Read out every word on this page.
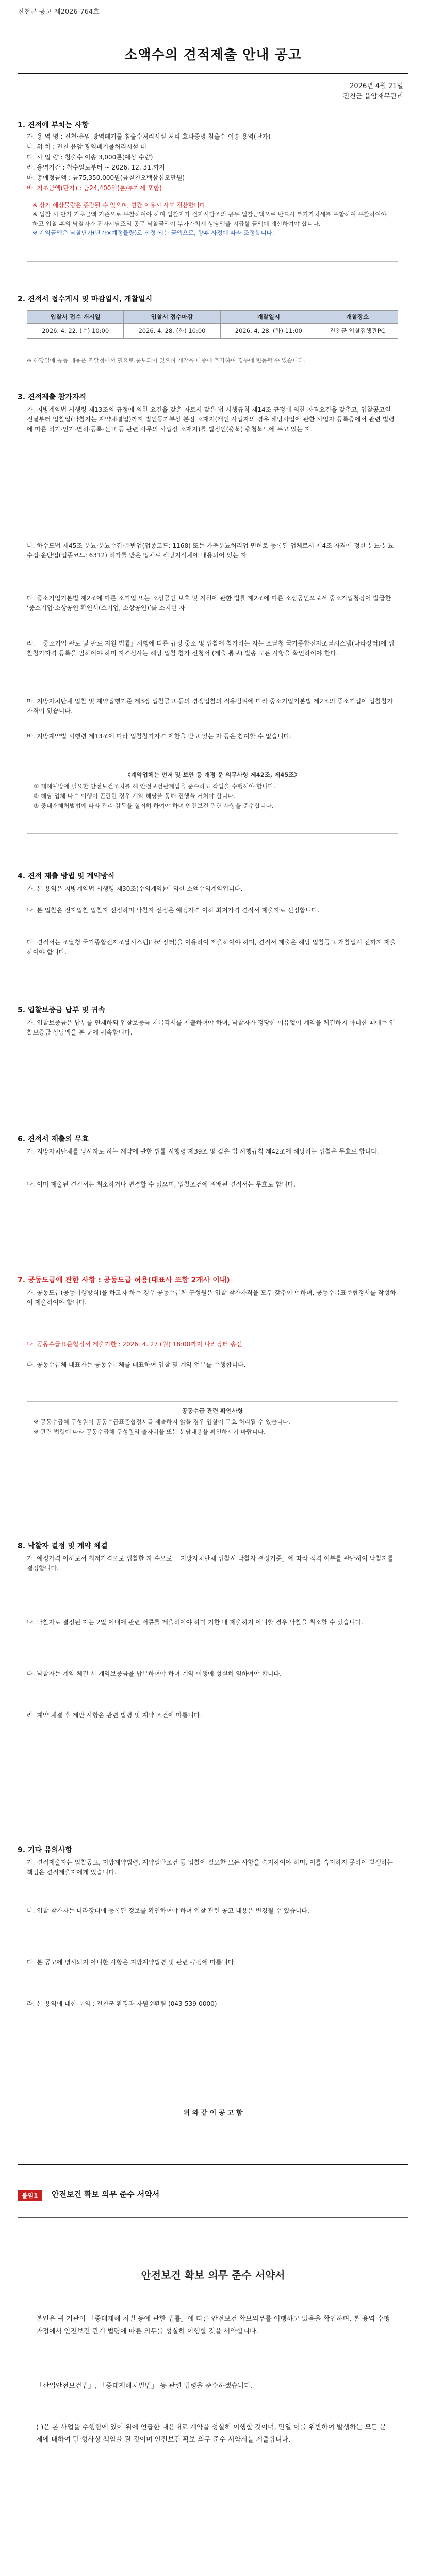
진천군 공고 제2026-764호
소액수의 견적제출 안내 공고
2026년 4월 21일
진천군 읍암재무관리
1. 견적에 부치는 사항
가. 용 역 명 : 진천·읍암 광역폐기물 침출수처리시설 처리 효과증명 침출수 이송 용역(단가)
나. 위 치 : 진천 읍암 광역폐기물처리시설 내
다. 사 업 량 : 침출수 이송 3,000톤(예상 수량)
라. 용역기간 : 착수일로부터 ~ 2026. 12. 31.까지
마. 총예정금액 : 금75,350,000원(금칠천오백삼십오만원)
바. 기초금액(단가) : 금24,400원(톤/부가세 포함)
※ 상기 예상물량은 증감될 수 있으며, 연간 이용시 사후 정산합니다.
※ 입찰 시 단가 기초금액 기준으로 투찰하여야 하며 입찰자가 전자시담조의 공무 입찰금액으로 반드시 부가가치세를 포함하여 투찰하여야 하고 입찰 후의 낙찰자가 전자시담조의 공무 낙찰금액이 부가가치세 상당액을 지급할 금액에 계산하여야 합니다.
※ 계약금액은 낙찰단가(단가×예정물량)로 산정 되는 금액으로, 향후 사정에 따라 조정합니다.
2. 견적서 접수게시 및 마감일시, 개찰일시
입찰서 접수 개시일	입찰서 접수마감	개찰일시	개찰장소
2026. 4. 22. (수) 10:00	2026. 4. 28. (화) 10:00	2026. 4. 28. (화) 11:00	진천군 입찰집행관PC
※ 해당일에 공동 내용은 조달청에서 필요로 통보되어 있으며 개찰을 나중에 추가하여 경우에 변동될 수 있습니다.
3. 견적제출 참가자격
가. 지방계약법 시행령 제13조의 규정에 의한 요건을 갖춘 자로서 같은 법 시행규칙 제14조 규정에 의한 자격요건을 갖추고, 입찰공고일 전날부터 입찰일(낙찰자는 계약체결일)까지 법인등기부상 본점 소재지(개인 사업자의 경우 해당사업에 관한 사업자 등록증에서 관련 법령에 따른 허가·인가·면허·등록·신고 등 관련 사무의 사업장 소재지)를 법정인(충북) 충청북도에 두고 있는 자.
나. 하수도법 제45조 분뇨·분뇨수집·운반업(업종코드: 1168) 또는 가축분뇨처리업 면허로 등록된 업체로서 제4조 자격에 정한 분뇨·분뇨수집·운반업(업종코드: 6312) 허가를 받은 업체로 해당지식체에 내용되어 있는 자
다. 중소기업기본법 제2조에 따른 소기업 또는 소상공인 보호 및 지원에 관한 법률 제2조에 따른 소상공인으로서 중소기업청장이 발급한 ‘중소기업·소상공인 확인서(소기업, 소상공인)’를 소지한 자
라. 「중소기업 판로 및 판로 지원 법률」시행에 따른 규정 중소 및 입찰에 참가하는 자는 조달청 국가종합전자조달시스템(나라장터)에 입찰참가자격 등록을 필하여야 하며 자격심사는 해당 입찰 참가 신청서 (제출 통보) 발송 모든 사항을 확인하여야 한다.
마. 지방자치단체 입찰 및 계약집행기준 제3장 입찰공고 등의 경쟁입찰의 적용범위에 따라 중소기업기본법 제2조의 중소기업이 입찰참가자격이 있습니다.
바. 지방계약법 시행령 제13조에 따라 입찰참가자격 제한을 받고 있는 자 등은 참여할 수 없습니다.
《계약업체는 먼저 및 보안 등 개정 운 의무사항 제42조, 제45조》
① 재해예방에 필요한 안전보건조치를 해 안전보건관계법을 준수하고 작업을 수행해야 합니다.
② 해당 업체 다수 이행이 곤란한 경우 계약 해당을 통해 진행을 거처야 합니다.
③ 중대재해처벌법에 따라 관리·감독을 철저히 하여야 하며 안전보건 관련 사항을 준수합니다.
4. 견적 제출 방법 및 계약방식
가. 본 용역은 지방계약법 시행령 제30조(수의계약)에 의한 소액수의계약입니다.
나. 본 입찰은 전자입찰 입찰자 선정하며 낙찰자 선정은 예정가격 이하 최저가격 견적서 제출자로 선정합니다.
다. 견적서는 조달청 국가종합전자조달시스템(나라장터)을 이용하여 제출하여야 하며, 견적서 제출은 해당 입찰공고 개찰일시 전까지 제출하여야 합니다.
5. 입찰보증금 납부 및 귀속
가. 입찰보증금은 납부를 면제하되 입찰보증금 지급각서를 제출하여야 하며, 낙찰자가 정당한 이유없이 계약을 체결하지 아니한 때에는 입찰보증금 상당액을 본 군에 귀속합니다.
6. 견적서 제출의 무효
가. 지방자치단체를 당사자로 하는 계약에 관한 법률 시행령 제39조 및 같은 법 시행규칙 제42조에 해당하는 입찰은 무효로 합니다.
나. 이미 제출된 견적서는 취소하거나 변경할 수 없으며, 입찰조건에 위배된 견적서는 무효로 합니다.
7. 공동도급에 관한 사항 : 공동도급 허용(대표사 포함 2개사 이내)
가. 공동도급(공동이행방식)을 하고자 하는 경우 공동수급체 구성원은 입찰 참가자격을 모두 갖추어야 하며, 공동수급표준협정서를 작성하여 제출하여야 합니다.
나. 공동수급표준협정서 제출기한 : 2026. 4. 27.(월) 18:00까지 나라장터 송신
다. 공동수급체 대표자는 공동수급체를 대표하여 입찰 및 계약 업무를 수행합니다.
공동수급 관련 확인사항
※ 공동수급체 구성원이 공동수급표준협정서를 제출하지 않을 경우 입찰이 무효 처리될 수 있습니다.
※ 관련 법령에 따라 공동수급체 구성원의 출자비율 또는 분담내용을 확인하시기 바랍니다.
8. 낙찰자 결정 및 계약 체결
가. 예정가격 이하로서 최저가격으로 입찰한 자 순으로 「지방자치단체 입찰시 낙찰자 결정기준」에 따라 적격 여부를 판단하여 낙찰자를 결정합니다.
나. 낙찰자로 결정된 자는 2일 이내에 관련 서류를 제출하여야 하며 기한 내 제출하지 아니할 경우 낙찰을 취소할 수 있습니다.
다. 낙찰자는 계약 체결 시 계약보증금을 납부하여야 하며 계약 이행에 성실히 임하여야 합니다.
라. 계약 체결 후 제반 사항은 관련 법령 및 계약 조건에 따릅니다.
9. 기타 유의사항
가. 견적제출자는 입찰공고, 지방계약법령, 계약일반조건 등 입찰에 필요한 모든 사항을 숙지하여야 하며, 이를 숙지하지 못하여 발생하는 책임은 견적제출자에게 있습니다.
나. 입찰 참가자는 나라장터에 등록된 정보를 확인하여야 하며 입찰 관련 공고 내용은 변경될 수 있습니다.
다. 본 공고에 명시되지 아니한 사항은 지방계약법령 및 관련 규정에 따릅니다.
라. 본 용역에 대한 문의 : 진천군 환경과 자원순환팀 (043-539-0000)
위 와 같 이 공 고 함
붙임1	안전보건 확보 의무 준수 서약서
안전보건 확보 의무 준수 서약서
본인은 귀 기관이 「중대재해 처벌 등에 관한 법률」에 따른 안전보건 확보의무를 이행하고 있음을 확인하며, 본 용역 수행 과정에서 안전보건 관계 법령에 따른 의무를 성실히 이행할 것을 서약합니다.
「산업안전보건법」, 「중대재해처벌법」 등 관련 법령을 준수하겠습니다.
( )은 본 사업을 수행함에 있어 위에 언급한 내용대로 계약을 성실히 이행할 것이며, 만일 이를 위반하여 발생하는 모든 문제에 대하여 민·형사상 책임을 질 것이며 안전보건 확보 의무 준수 서약서를 제출합니다.
